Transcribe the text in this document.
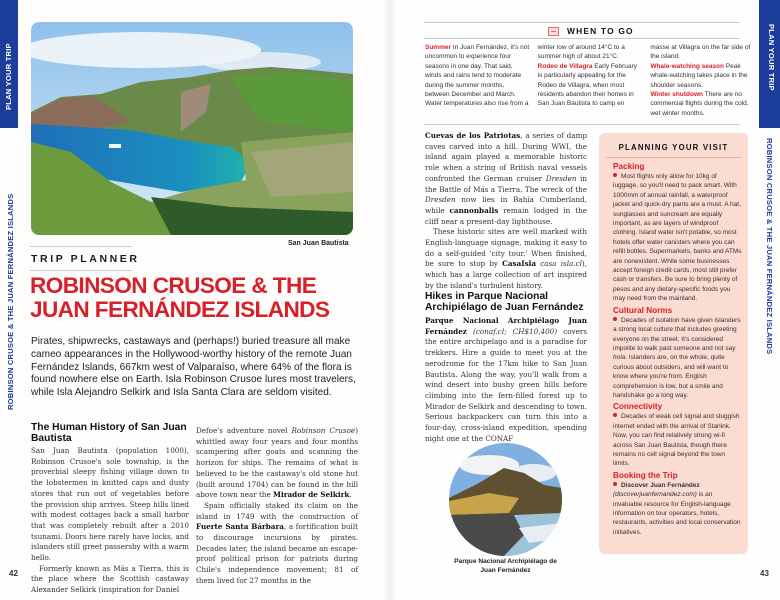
PLAN YOUR TRIP
ROBINSON CRUSOE & THE JUAN FERNÁNDEZ ISLANDS
42
PLAN YOUR TRIP
ROBINSON CRUSOE & THE JUAN FERNÁNDEZ ISLANDS
43
San Juan Bautista
TRIP PLANNER
ROBINSON CRUSOE & THE JUAN FERNÁNDEZ ISLANDS
Pirates, shipwrecks, castaways and (perhaps!) buried treasure all make cameo appearances in the Hollywood-worthy history of the remote Juan Fernández Islands, 667km west of Valparaíso, where 64% of the flora is found nowhere else on Earth. Isla Robinson Crusoe lures most travelers, while Isla Alejandro Selkirk and Isla Santa Clara are seldom visited.
The Human History of San Juan Bautista

San Juan Bautista (population 1000), Robinson Crusoe's sole township, is the proverbial sleepy fishing village down to the lobstermen in knitted caps and dusty stores that run out of vegetables before the provision ship arrives. Steep hills lined with modest cottages back a small harbor that was completely rebuilt after a 2010 tsunami. Doors here rarely have locks, and islanders still greet passersby with a warm hello.

Formerly known as Más a Tierra, this is the place where the Scottish castaway Alexander Selkirk (inspiration for Daniel

Defoe's adventure novel Robinson Crusoe) whittled away four years and four months scampering after goats and scanning the horizon for ships. The remains of what is believed to be the castaway's old stone hut (built around 1704) can be found in the hill above town near the Mirador de Selkirk.

Spain officially staked its claim on the island in 1749 with the construction of Fuerte Santa Bárbara, a fortification built to discourage incursions by pirates. Decades later, the island became an escape-proof political prison for patriots during Chile's independence movement; 81 of them lived for 27 months in the

WHEN TO GO
Summer In Juan Fernández, it's not uncommon to experience four seasons in one day. That said, winds and rains tend to moderate during the summer months, between December and March. Water temperatures also rise from a winter low of around 14°C to a summer high of about 21°C.
Rodeo de Villagra Early February is particularly appealing for the Rodeo de Villagra, when most residents abandon their homes in San Juan Bautista to camp en masse at Villagra on the far side of the island.
Whale-watching season Peak whale-watching takes place in the shoulder seasons.
Winter shutdown There are no commercial flights during the cold, wet winter months.

Cuevas de los Patriotas, a series of damp caves carved into a hill. During WWI, the island again played a memorable historic role when a string of British naval vessels confronted the German cruiser Dresden in the Battle of Más a Tierra. The wreck of the Dresden now lies in Bahía Cumberland, while cannonballs remain lodged in the cliff near a present-day lighthouse.

These historic sites are well marked with English-language signage, making it easy to do a self-guided 'city tour.' When finished, be sure to stop by CasaIsla casa isla.cl), which has a large collection of art inspired by the island's turbulent history.

Hikes in Parque Nacional Archipiélago de Juan Fernández

Parque Nacional Archipiélago Juan Fernández (conaf.cl; CH$10,400) covers the entire archipelago and is a paradise for trekkers. Hire a guide to meet you at the aerodrome for the 17km hike to San Juan Bautista. Along the way, you'll walk from a wind desert into bushy green hills before climbing into the fern-filled forest up to Mirador de Selkirk and descending to town. Serious backpackers can turn this into a four-day, cross-island expedition, spending night one at the CONAF

Parque Nacional Archipiélago de Juan Fernández
PLANNING YOUR VISIT
Packing

Most flights only allow for 10kg of luggage, so you'll need to pack smart. With 1000mm of annual rainfall, a waterproof jacket and quick-dry pants are a must. A hat, sunglasses and suncream are equally important, as are layers of windproof clothing. Island water isn't potable, so most hotels offer water canisters where you can refill bottles. Supermarkets, banks and ATMs are nonexistent. While some businesses accept foreign credit cards, most still prefer cash or transfers. Be sure to bring plenty of pesos and any dietary-specific foods you may need from the mainland.

Cultural Norms

Decades of isolation have given islanders a strong local culture that includes greeting everyone on the street. It's considered impolite to walk past someone and not say hola. Islanders are, on the whole, quite curious about outsiders, and will want to know where you're from. English comprehension is low, but a smile and handshake go a long way.

Connectivity

Decades of weak cell signal and sluggish internet ended with the arrival of Starlink. Now, you can find relatively strong wi-fi across San Juan Bautista, though there remains no cell signal beyond the town limits.

Booking the Trip

Discover Juan Fernández (discoverjuanfernandez.com) is an invaluable resource for English-language information on tour operators, hotels, restaurants, activities and local conservation initiatives.
